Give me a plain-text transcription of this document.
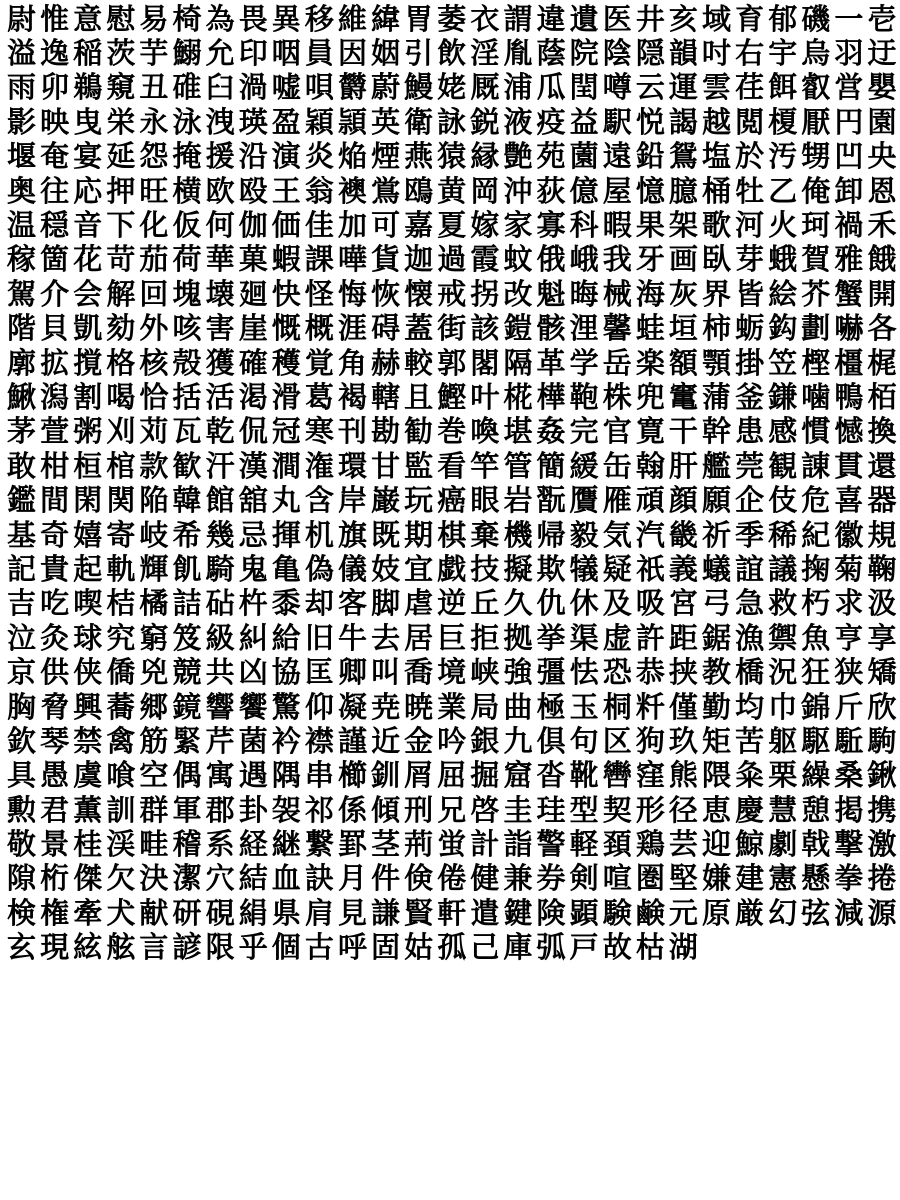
尉 惟 意 慰 易 椅 為 畏 異 移 維 緯 胃 萎 衣 謂 違 遺 医 井 亥 域 育 郁 磯 一 壱
溢 逸 稲 茨 芋 鰯 允 印 咽 員 因 姻 引 飲 淫 胤 蔭 院 陰 隠 韻 吋 右 宇 烏 羽 迂
雨 卯 鵜 窺 丑 碓 臼 渦 嘘 唄 欝 蔚 鰻 姥 厩 浦 瓜 閏 噂 云 運 雲 荏 餌 叡 営 嬰
影 映 曳 栄 永 泳 洩 瑛 盈 穎 頴 英 衛 詠 鋭 液 疫 益 駅 悦 謁 越 閲 榎 厭 円 園
堰 奄 宴 延 怨 掩 援 沿 演 炎 焔 煙 燕 猿 縁 艶 苑 薗 遠 鉛 鴛 塩 於 汚 甥 凹 央
奥 往 応 押 旺 横 欧 殴 王 翁 襖 鴬 鴎 黄 岡 沖 荻 億 屋 憶 臆 桶 牡 乙 俺 卸 恩
温 穏 音 下 化 仮 何 伽 価 佳 加 可 嘉 夏 嫁 家 寡 科 暇 果 架 歌 河 火 珂 禍 禾
稼 箇 花 苛 茄 荷 華 菓 蝦 課 嘩 貨 迦 過 霞 蚊 俄 峨 我 牙 画 臥 芽 蛾 賀 雅 餓
駕 介 会 解 回 塊 壊 廻 快 怪 悔 恢 懐 戒 拐 改 魁 晦 械 海 灰 界 皆 絵 芥 蟹 開
階 貝 凱 劾 外 咳 害 崖 慨 概 涯 碍 蓋 街 該 鎧 骸 浬 馨 蛙 垣 柿 蛎 鈎 劃 嚇 各
廓 拡 撹 格 核 殻 獲 確 穫 覚 角 赫 較 郭 閣 隔 革 学 岳 楽 額 顎 掛 笠 樫 橿 梶
鰍 潟 割 喝 恰 括 活 渇 滑 葛 褐 轄 且 鰹 叶 椛 樺 鞄 株 兜 竃 蒲 釜 鎌 噛 鴨 栢
茅 萱 粥 刈 苅 瓦 乾 侃 冠 寒 刊 勘 勧 巻 喚 堪 姦 完 官 寛 干 幹 患 感 慣 憾 換
敢 柑 桓 棺 款 歓 汗 漢 澗 潅 環 甘 監 看 竿 管 簡 緩 缶 翰 肝 艦 莞 観 諌 貫 還
鑑 間 閑 関 陥 韓 館 舘 丸 含 岸 巌 玩 癌 眼 岩 翫 贋 雁 頑 顔 願 企 伎 危 喜 器
基 奇 嬉 寄 岐 希 幾 忌 揮 机 旗 既 期 棋 棄 機 帰 毅 気 汽 畿 祈 季 稀 紀 徽 規
記 貴 起 軌 輝 飢 騎 鬼 亀 偽 儀 妓 宜 戯 技 擬 欺 犠 疑 祇 義 蟻 誼 議 掬 菊 鞠
吉 吃 喫 桔 橘 詰 砧 杵 黍 却 客 脚 虐 逆 丘 久 仇 休 及 吸 宮 弓 急 救 朽 求 汲
泣 灸 球 究 窮 笈 級 糾 給 旧 牛 去 居 巨 拒 拠 挙 渠 虚 許 距 鋸 漁 禦 魚 亨 享
京 供 侠 僑 兇 競 共 凶 協 匡 卿 叫 喬 境 峡 強 彊 怯 恐 恭 挟 教 橋 況 狂 狭 矯
胸 脅 興 蕎 郷 鏡 響 饗 驚 仰 凝 尭 暁 業 局 曲 極 玉 桐 粁 僅 勤 均 巾 錦 斤 欣
欽 琴 禁 禽 筋 緊 芹 菌 衿 襟 謹 近 金 吟 銀 九 倶 句 区 狗 玖 矩 苦 躯 駆 駈 駒
具 愚 虞 喰 空 偶 寓 遇 隅 串 櫛 釧 屑 屈 掘 窟 沓 靴 轡 窪 熊 隈 粂 栗 繰 桑 鍬
勲 君 薫 訓 群 軍 郡 卦 袈 祁 係 傾 刑 兄 啓 圭 珪 型 契 形 径 恵 慶 慧 憩 掲 携
敬 景 桂 渓 畦 稽 系 経 継 繋 罫 茎 荊 蛍 計 詣 警 軽 頚 鶏 芸 迎 鯨 劇 戟 撃 激
隙 桁 傑 欠 決 潔 穴 結 血 訣 月 件 倹 倦 健 兼 券 剣 喧 圏 堅 嫌 建 憲 懸 拳 捲
検 権 牽 犬 献 研 硯 絹 県 肩 見 謙 賢 軒 遣 鍵 険 顕 験 鹸 元 原 厳 幻 弦 減 源
玄 現 絃 舷 言 諺 限 乎 個 古 呼 固 姑 孤 己 庫 弧 戸 故 枯 湖
